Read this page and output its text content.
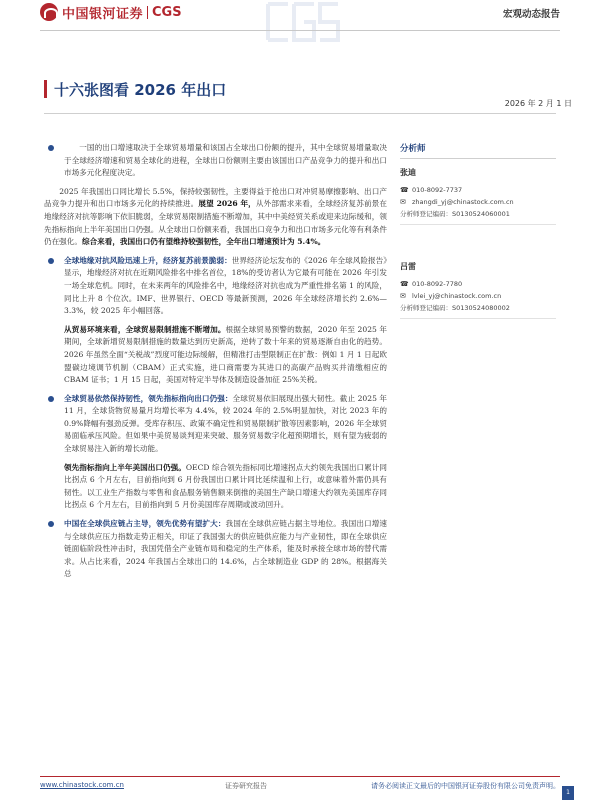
中国银河证券 CGS	宏观动态报告
十六张图看 2026 年出口
2026 年 2 月 1 日

一国的出口增速取决于全球贸易增量和该国占全球出口份额的提升，其中全球贸易增量取决于全球经济增速和贸易全球化的进程，全球出口份额则主要由该国出口产品竞争力的提升和出口市场多元化程度决定。

2025 年我国出口同比增长 5.5%，保持较强韧性，主要得益于抢出口对冲贸易摩擦影响、出口产品竞争力提升和出口市场多元化的持续推进。展望 2026 年，从外部需求来看，全球经济复苏前景在地缘经济对抗等影响下依旧脆弱，全球贸易限制措施不断增加，其中中美经贸关系或迎来边际缓和，领先指标指向上半年美国出口仍强。从全球出口份额来看，我国出口竞争力和出口市场多元化等有利条件仍在强化。综合来看，我国出口仍有望维持较强韧性，全年出口增速预计为 5.4%。

全球地缘对抗风险迅速上升，经济复苏前景脆弱：世界经济论坛发布的《2026 年全球风险报告》显示，地缘经济对抗在近期风险排名中排名首位，18%的受访者认为它最有可能在 2026 年引发一场全球危机。同时，在未来两年的风险排名中，地缘经济对抗也成为严重性排名第 1 的风险，同比上升 8 个位次。IMF、世界银行、OECD 等最新预测，2026 年全球经济增长约 2.6%—3.3%，较 2025 年小幅回落。

从贸易环境来看，全球贸易限制措施不断增加。根据全球贸易预警的数据，2020 年至 2025 年期间，全球新增贸易限制措施的数量达到历史新高，逆转了数十年来的贸易逐渐自由化的趋势。2026 年虽然全面“关税战”烈度可能边际缓解，但精准打击型限制正在扩散：例如 1 月 1 日起欧盟碳边境调节机制（CBAM）正式实施，进口商需要为其进口的高碳产品购买并清缴相应的 CBAM 证书；1 月 15 日起，美国对特定半导体及制造设备加征 25%关税。

全球贸易依然保持韧性，领先指标指向出口仍强：全球贸易依旧展现出强大韧性。截止 2025 年 11 月，全球货物贸易量月均增长率为 4.4%，较 2024 年的 2.5%明显加快，对比 2023 年的 0.9%降幅有强劲反弹。受库存积压、政策不确定性和贸易限制扩散等因素影响，2026 年全球贸易面临承压风险。但如果中美贸易谈判迎来突破、服务贸易数字化超预期增长，则有望为疲弱的全球贸易注入新的增长动能。

领先指标指向上半年美国出口仍强。OECD 综合领先指标同比增速拐点大约领先我国出口累计同比拐点 6 个月左右，目前指向到 6 月份我国出口累计同比延续温和上行，或意味着外需仍具有韧性。以工业生产指数与零售和食品服务销售额来倒推的美国生产缺口增速大约领先美国库存同比拐点 6 个月左右，目前指向到 5 月份美国库存周期或波动回升。

中国在全球供应链占主导，领先优势有望扩大：我国在全球供应链占据主导地位。我国出口增速与全球供应压力指数走势正相关，印证了我国强大的供应链供应能力与产业韧性，即在全球供应链面临阶段性冲击时，我国凭借全产业链布局和稳定的生产体系，能及时承接全球市场的替代需求。从占比来看，2024 年我国占全球出口的 14.6%，占全球制造业 GDP 的 28%。根据海关总

分析师
张迪
☎ 010-8092-7737
✉ zhangdi_yj@chinastock.com.cn
分析师登记编码：S0130524060001
吕雷
☎ 010-8092-7780
✉ lvlei_yj@chinastock.com.cn
分析师登记编码：S0130524080002
www.chinastock.com.cn	证券研究报告	请务必阅读正文最后的中国银河证券股份有限公司免责声明。
1
